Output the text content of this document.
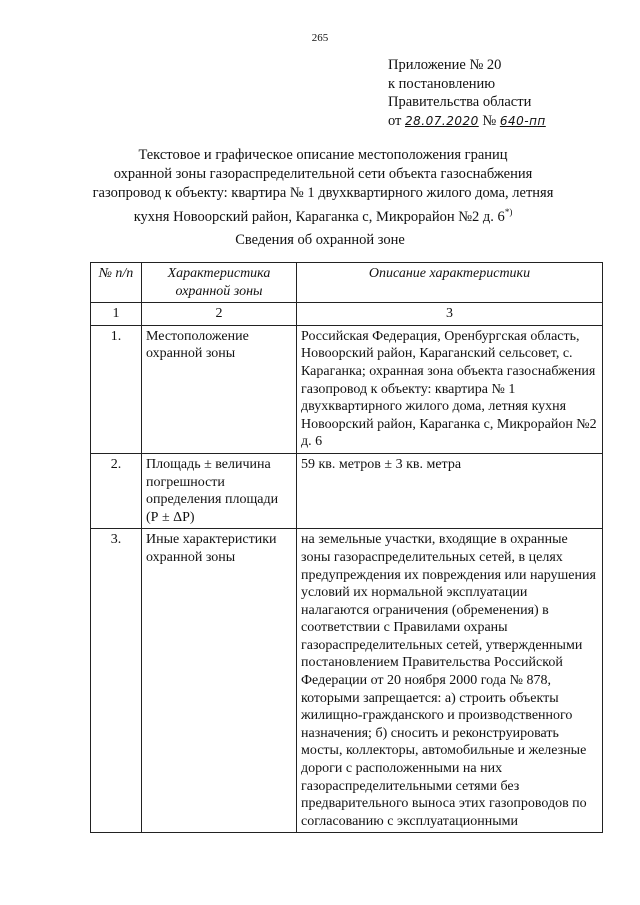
265
Приложение № 20
к постановлению
Правительства области
от 28.07.2020 № 640-пп
Текстовое и графическое описание местоположения границ
охранной зоны газораспределительной сети объекта газоснабжения
газопровод к объекту: квартира № 1 двухквартирного жилого дома, летняя
кухня Новоорский район, Караганка с, Микрорайон №2 д. 6*)
Сведения об охранной зоне
№ п/п	Характеристика охранной зоны	Описание характеристики
1	2	3
1.	Местоположение охранной зоны	Российская Федерация, Оренбургская область, Новоорский район, Караганский сельсовет, с. Караганка; охранная зона объекта газоснабжения газопровод к объекту: квартира № 1 двухквартирного жилого дома, летняя кухня Новоорский район, Караганка с, Микрорайон №2 д. 6
2.	Площадь ± величина погрешности определения площади (Р ± ΔР)	59 кв. метров ± 3 кв. метра
3.	Иные характеристики охранной зоны	на земельные участки, входящие в охранные зоны газораспределительных сетей, в целях предупреждения их повреждения или нарушения условий их нормальной эксплуатации налагаются ограничения (обременения) в соответствии с Правилами охраны газораспределительных сетей, утвержденными постановлением Правительства Российской Федерации от 20 ноября 2000 года № 878, которыми запрещается: а) строить объекты жилищно-гражданского и производственного назначения; б) сносить и реконструировать мосты, коллекторы, автомобильные и железные дороги с расположенными на них газораспределительными сетями без предварительного выноса этих газопроводов по согласованию с эксплуатационными
